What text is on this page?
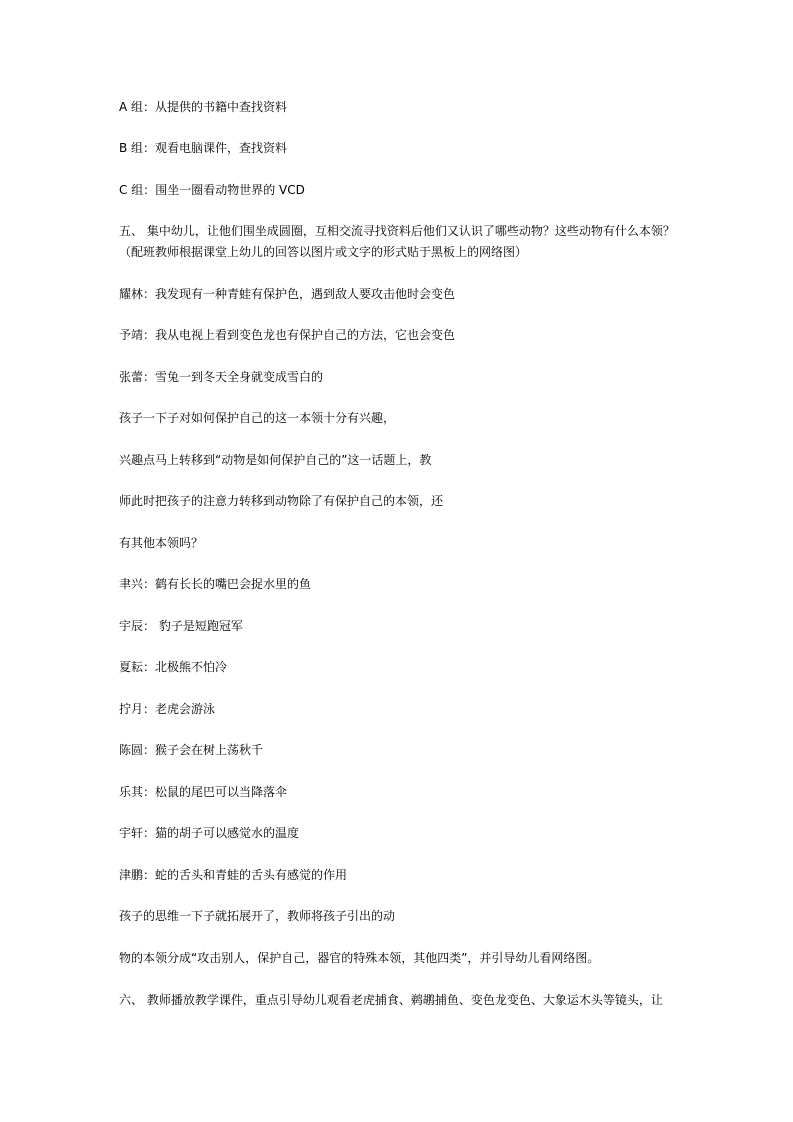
A 组：从提供的书籍中查找资料
B 组：观看电脑课件，查找资料
C 组：围坐一圈看动物世界的 VCD
五、 集中幼儿，让他们围坐成圆圈，互相交流寻找资料后他们又认识了哪些动物？这些动物有什么本领？
（配班教师根据课堂上幼儿的回答以图片或文字的形式贴于黑板上的网络图）
耀林：我发现有一种青蛙有保护色，遇到敌人要攻击他时会变色
予靖：我从电视上看到变色龙也有保护自己的方法，它也会变色
张蕾：雪兔一到冬天全身就变成雪白的
孩子一下子对如何保护自己的这一本领十分有兴趣，
兴趣点马上转移到“动物是如何保护自己的”这一话题上，教
师此时把孩子的注意力转移到动物除了有保护自己的本领，还
有其他本领吗？
聿兴：鹤有长长的嘴巴会捉水里的鱼
宇辰： 豹子是短跑冠军
夏耘：北极熊不怕冷
拧月：老虎会游泳
陈圆：猴子会在树上荡秋千
乐其：松鼠的尾巴可以当降落伞
宇轩：猫的胡子可以感觉水的温度
津鹏：蛇的舌头和青蛙的舌头有感觉的作用
孩子的思维一下子就拓展开了，教师将孩子引出的动
物的本领分成“攻击别人，保护自己，器官的特殊本领，其他四类”，并引导幼儿看网络图。
六、 教师播放教学课件，重点引导幼儿观看老虎捕食、鹈鹕捕鱼、变色龙变色、大象运木头等镜头，让
